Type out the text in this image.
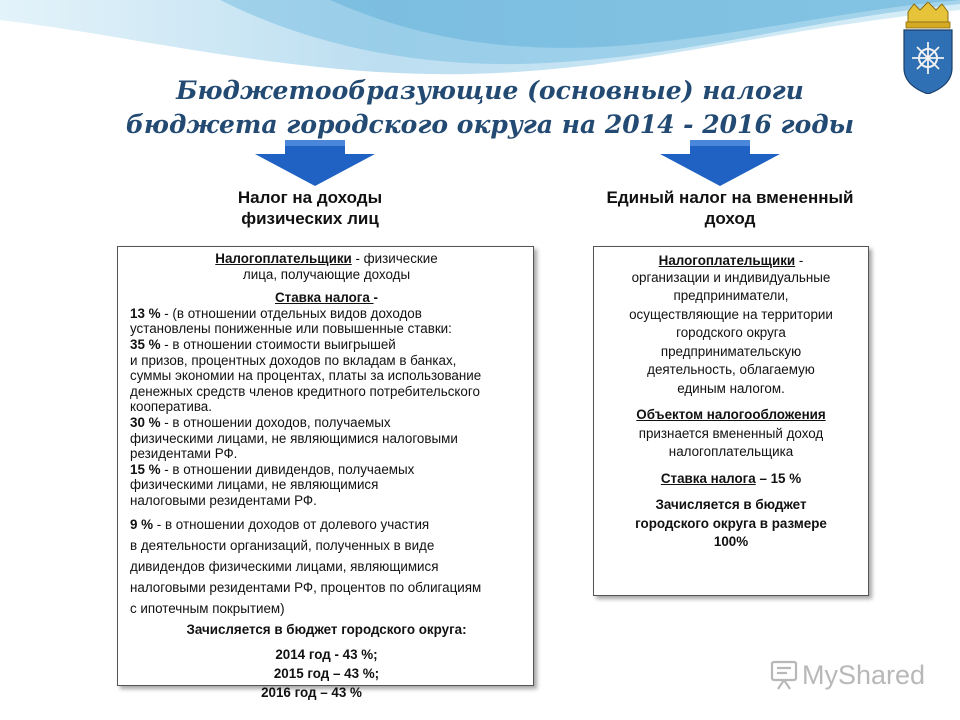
Бюджетообразующие (основные) налоги
бюджета городского округа на 2014 - 2016 годы
Налог на доходы
физических лиц
Единый налог на вмененный
доход

Налогоплательщики - физические

лица, получающие доходы

Ставка налога -

13 % - (в отношении отдельных видов доходов

установлены пониженные или повышенные ставки:

35 % - в отношении стоимости выигрышей

и призов, процентных доходов по вкладам в банках,

суммы экономии на процентах, платы за использование

денежных средств членов кредитного потребительского

кооператива.

30 % - в отношении доходов, получаемых

физическими лицами, не являющимися налоговыми

резидентами РФ.

15 % - в отношении дивидендов, получаемых

физическими лицами, не являющимися

налоговыми резидентами РФ.

9 % - в отношении доходов от долевого участия

в деятельности организаций, полученных в виде

дивидендов физическими лицами, являющимися

налоговыми резидентами РФ, процентов по облигациям

с ипотечным покрытием)

Зачисляется в бюджет городского округа:

2014 год - 43 %;

2015 год – 43 %;

2016 год – 43 %

Налогоплательщики -

организации и индивидуальные

предприниматели,

осуществляющие на территории

городского округа

предпринимательскую

деятельность, облагаемую

единым налогом.

Объектом налогообложения

признается вмененный доход

налогоплательщика

Ставка налога – 15 %

Зачисляется в бюджет

городского округа в размере

100%

MyShared
